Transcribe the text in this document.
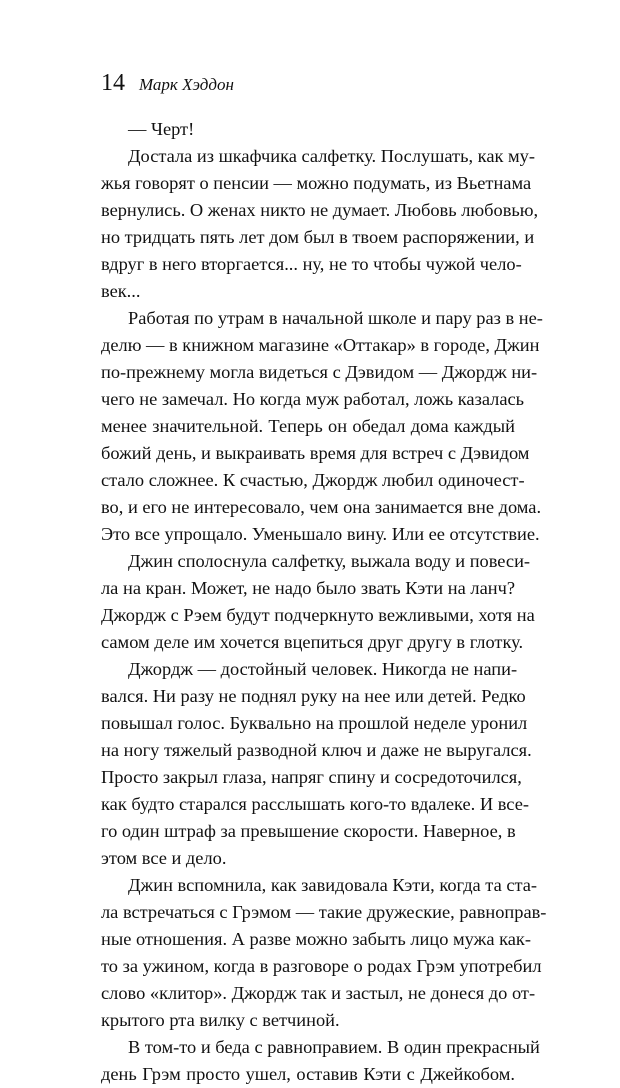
14 Марк Хэддон
— Черт!
Достала из шкафчика салфетку. Послушать, как му-
жья говорят о пенсии — можно подумать, из Вьетнама
вернулись. О женах никто не думает. Любовь любовью,
но тридцать пять лет дом был в твоем распоряжении, и
вдруг в него вторгается... ну, не то чтобы чужой чело-
век...
Работая по утрам в начальной школе и пару раз в не-
делю — в книжном магазине «Оттакар» в городе, Джин
по-прежнему могла видеться с Дэвидом — Джордж ни-
чего не замечал. Но когда муж работал, ложь казалась
менее значительной. Теперь он обедал дома каждый
божий день, и выкраивать время для встреч с Дэвидом
стало сложнее. К счастью, Джордж любил одиночест-
во, и его не интересовало, чем она занимается вне дома.
Это все упрощало. Уменьшало вину. Или ее отсутствие.
Джин сполоснула салфетку, выжала воду и повеси-
ла на кран. Может, не надо было звать Кэти на ланч?
Джордж с Рэем будут подчеркнуто вежливыми, хотя на
самом деле им хочется вцепиться друг другу в глотку.
Джордж — достойный человек. Никогда не напи-
вался. Ни разу не поднял руку на нее или детей. Редко
повышал голос. Буквально на прошлой неделе уронил
на ногу тяжелый разводной ключ и даже не выругался.
Просто закрыл глаза, напряг спину и сосредоточился,
как будто старался расслышать кого-то вдалеке. И все-
го один штраф за превышение скорости. Наверное, в
этом все и дело.
Джин вспомнила, как завидовала Кэти, когда та ста-
ла встречаться с Грэмом — такие дружеские, равнопрaв-
ные отношения. А разве можно забыть лицо мужа как-
то за ужином, когда в разговоре о родах Грэм употребил
слово «клитор». Джордж так и застыл, не донеся до от-
крытого рта вилку с ветчиной.
В том-то и беда с равноправием. В один прекрасный
день Грэм просто ушел, оставив Кэти с Джейкобом.
